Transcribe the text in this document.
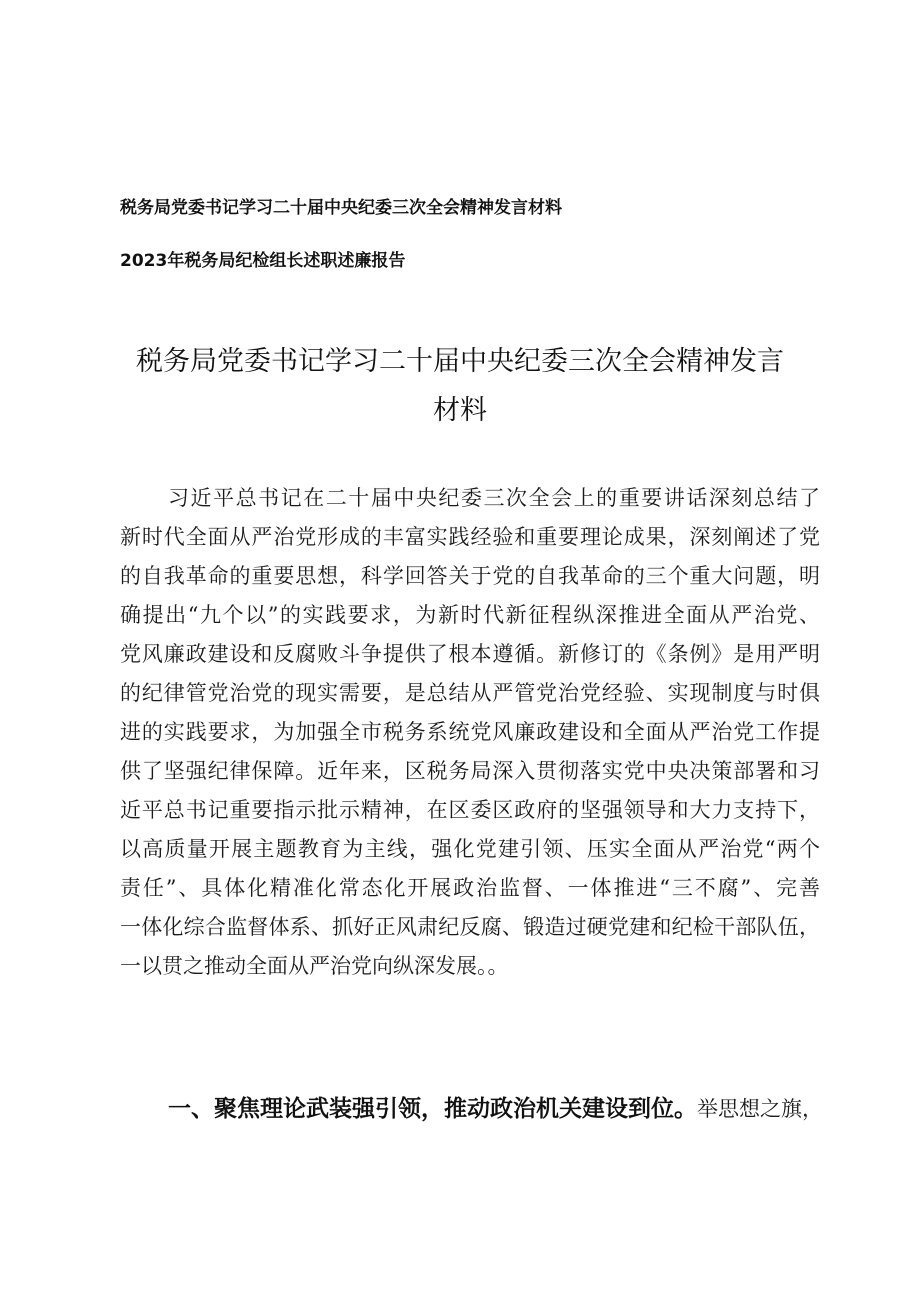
税务局党委书记学习二十届中央纪委三次全会精神发言材料
2023年税务局纪检组长述职述廉报告
税务局党委书记学习二十届中央纪委三次全会精神发言
材料
习近平总书记在二十届中央纪委三次全会上的重要讲话深刻总结了
新时代全面从严治党形成的丰富实践经验和重要理论成果，深刻阐述了党
的自我革命的重要思想，科学回答关于党的自我革命的三个重大问题，明
确提出“九个以”的实践要求，为新时代新征程纵深推进全面从严治党、
党风廉政建设和反腐败斗争提供了根本遵循。新修订的《条例》是用严明
的纪律管党治党的现实需要，是总结从严管党治党经验、实现制度与时俱
进的实践要求，为加强全市税务系统党风廉政建设和全面从严治党工作提
供了坚强纪律保障。近年来，区税务局深入贯彻落实党中央决策部署和习
近平总书记重要指示批示精神，在区委区政府的坚强领导和大力支持下，
以高质量开展主题教育为主线，强化党建引领、压实全面从严治党“两个
责任”、具体化精准化常态化开展政治监督、一体推进“三不腐”、完善
一体化综合监督体系、抓好正风肃纪反腐、锻造过硬党建和纪检干部队伍，
一以贯之推动全面从严治党向纵深发展。。
一、聚焦理论武装强引领，推动政治机关建设到位。举思想之旗，
